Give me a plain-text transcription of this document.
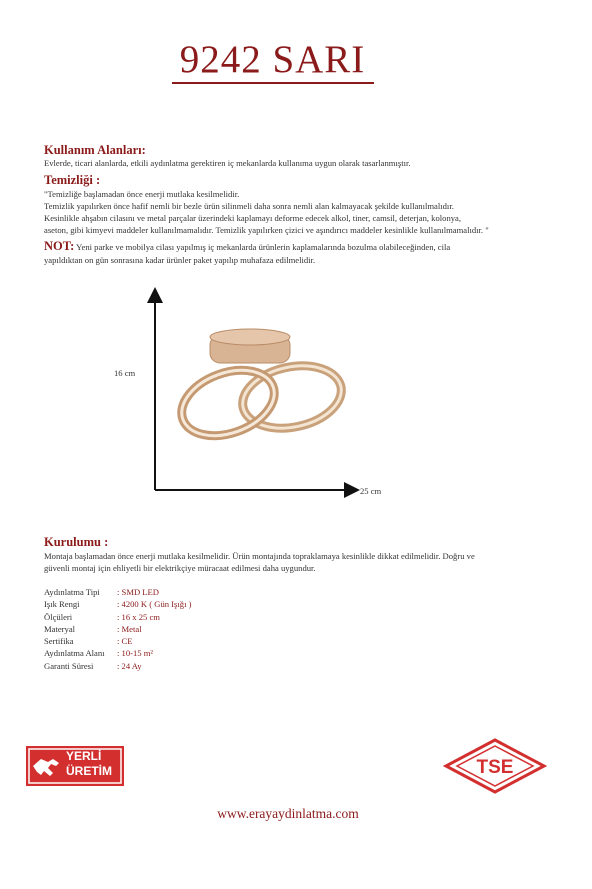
9242 SARI
Kullanım Alanları:
Evlerde, ticari alanlarda, etkili aydınlatma gerektiren iç mekanlarda kullanıma uygun olarak tasarlanmıştır.
Temizliği :
"Temizliğe başlamadan önce enerji mutlaka kesilmelidir.
Temizlik yapılırken önce hafif nemli bir bezle ürün silinmeli daha sonra nemli alan kalmayacak şekilde kullanılmalıdır.
Kesinlikle ahşabın cilasını ve metal parçalar üzerindeki kaplamayı deforme edecek alkol, tiner, camsil, deterjan, kolonya,
aseton, gibi kimyevi maddeler kullanılmamalıdır. Temizlik yapılırken çizici ve aşındırıcı maddeler kesinlikle kullanılmamalıdır. "
NOT: Yeni parke ve mobilya cilası yapılmış iç mekanlarda ürünlerin kaplamalarında bozulma olabileceğinden, cila
yapıldıktan on gün sonrasına kadar ürünler paket yapılıp muhafaza edilmelidir.
16 cm
25 cm
Kurulumu :
Montaja başlamadan önce enerji mutlaka kesilmelidir. Ürün montajında topraklamaya kesinlikle dikkat edilmelidir. Doğru ve
güvenli montaj için ehliyetli bir elektrikçiye müracaat edilmesi daha uygundur.
Aydınlatma Tipi	: SMD LED
Işık Rengi	: 4200 K ( Gün Işığı )
Ölçüleri	: 16 x 25 cm
Materyal	: Metal
Sertifika	: CE
Aydınlatma Alanı	: 10-15 m²
Garanti Süresi	: 24 Ay
YERLİ
ÜRETİM	TSE
www.erayaydinlatma.com
